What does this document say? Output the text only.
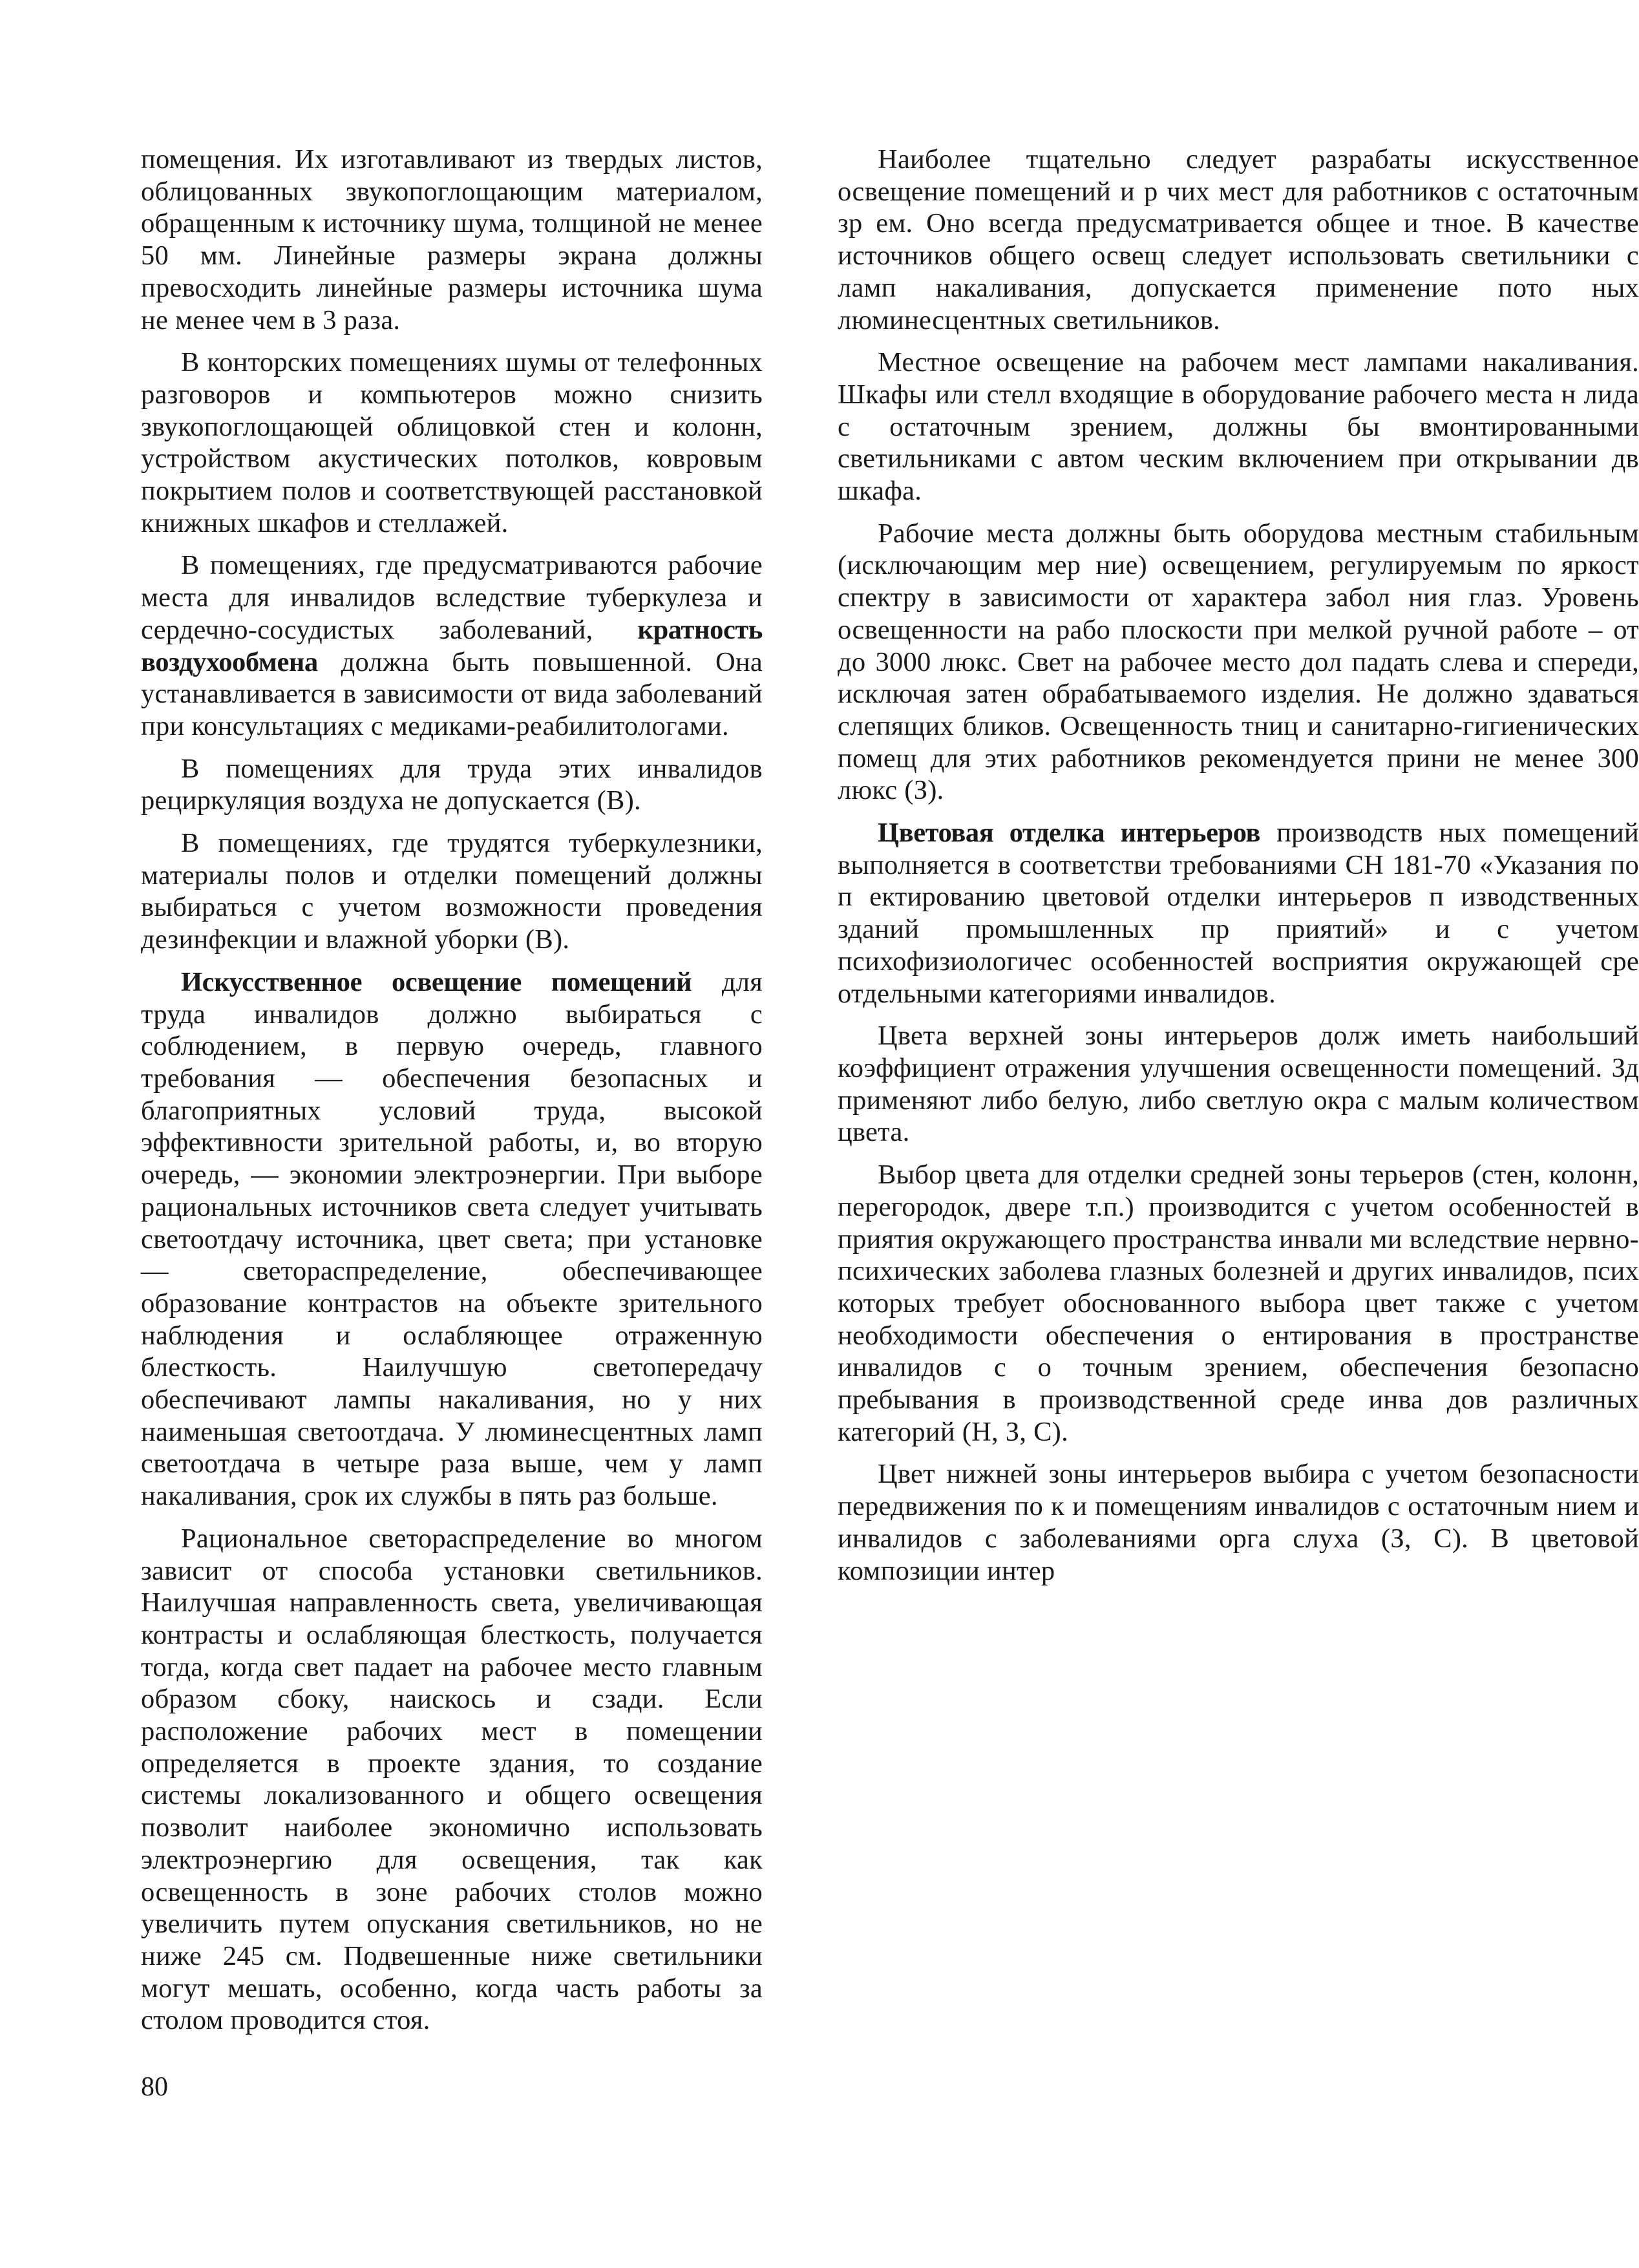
помещения. Их изготавливают из твердых листов, облицованных звукопоглощающим материалом, обращенным к источнику шума, толщиной не менее 50 мм. Линейные размеры экрана должны превосходить линейные размеры источника шума не менее чем в 3 раза.

В конторских помещениях шумы от телефонных разговоров и компьютеров можно снизить звукопоглощающей облицовкой стен и колонн, устройством акустических потолков, ковровым покрытием полов и соответствующей расстановкой книжных шкафов и стеллажей.

В помещениях, где предусматриваются рабочие места для инвалидов вследствие туберкулеза и сердечно-сосудистых заболеваний, кратность воздухообмена должна быть повышенной. Она устанавливается в зависимости от вида заболеваний при консультациях с медиками-реабилитологами.

В помещениях для труда этих инвалидов рециркуляция воздуха не допускается (В).

В помещениях, где трудятся туберкулезники, материалы полов и отделки помещений должны выбираться с учетом возможности проведения дезинфекции и влажной уборки (В).

Искусственное освещение помещений для труда инвалидов должно выбираться с соблюдением, в первую очередь, главного требования — обеспечения безопасных и благоприятных условий труда, высокой эффективности зрительной работы, и, во вторую очередь, — экономии электроэнергии. При выборе рациональных источников света следует учитывать светоотдачу источника, цвет света; при установке — светораспределение, обеспечивающее образование контрастов на объекте зрительного наблюдения и ослабляющее отраженную блесткость. Наилучшую светопередачу обеспечивают лампы накаливания, но у них наименьшая светоотдача. У люминесцентных ламп светоотдача в четыре раза выше, чем у ламп накаливания, срок их службы в пять раз больше.

Рациональное светораспределение во многом зависит от способа установки светильников. Наилучшая направленность света, увеличивающая контрасты и ослабляющая блесткость, получается тогда, когда свет падает на рабочее место главным образом сбоку, наискось и сзади. Если расположение рабочих мест в помещении определяется в проекте здания, то создание системы локализованного и общего освещения позволит наиболее экономично использовать электроэнергию для освещения, так как освещенность в зоне рабочих столов можно увеличить путем опускания светильников, но не ниже 245 см. Подвешенные ниже светильники могут мешать, особенно, когда часть работы за столом проводится стоя.

Наиболее тщательно следует разрабаты искусственное освещение помещений и р чих мест для работников с остаточным зр ем. Оно всегда предусматривается общее и тное. В качестве источников общего освещ следует использовать светильники с ламп накаливания, допускается применение пото ных люминесцентных светильников.

Местное освещение на рабочем мест лампами накаливания. Шкафы или стелл входящие в оборудование рабочего места н лида с остаточным зрением, должны бы вмонтированными светильниками с автом ческим включением при открывании дв шкафа.

Рабочие места должны быть оборудова местным стабильным (исключающим мер ние) освещением, регулируемым по яркост спектру в зависимости от характера забол ния глаз. Уровень освещенности на рабо плоскости при мелкой ручной работе – от до 3000 люкс. Свет на рабочее место дол падать слева и спереди, исключая затен обрабатываемого изделия. Не должно здаваться слепящих бликов. Освещенность тниц и санитарно-гигиенических помещ для этих работников рекомендуется прини не менее 300 люкс (З).

Цветовая отделка интерьеров производств ных помещений выполняется в соответстви требованиями СН 181-70 «Указания по п ектированию цветовой отделки интерьеров п изводственных зданий промышленных пр приятий» и с учетом психофизиологичес особенностей восприятия окружающей сре отдельными категориями инвалидов.

Цвета верхней зоны интерьеров долж иметь наибольший коэффициент отражения улучшения освещенности помещений. Зд применяют либо белую, либо светлую окра с малым количеством цвета.

Выбор цвета для отделки средней зоны терьеров (стен, колонн, перегородок, двере т.п.) производится с учетом особенностей в приятия окружающего пространства инвали ми вследствие нервно-психических заболева глазных болезней и других инвалидов, псих которых требует обоснованного выбора цвет также с учетом необходимости обеспечения о ентирования в пространстве инвалидов с о точным зрением, обеспечения безопасно пребывания в производственной среде инва дов различных категорий (Н, З, С).

Цвет нижней зоны интерьеров выбира с учетом безопасности передвижения по к и помещениям инвалидов с остаточным нием и инвалидов с заболеваниями орга слуха (З, С). В цветовой композиции интер

80
